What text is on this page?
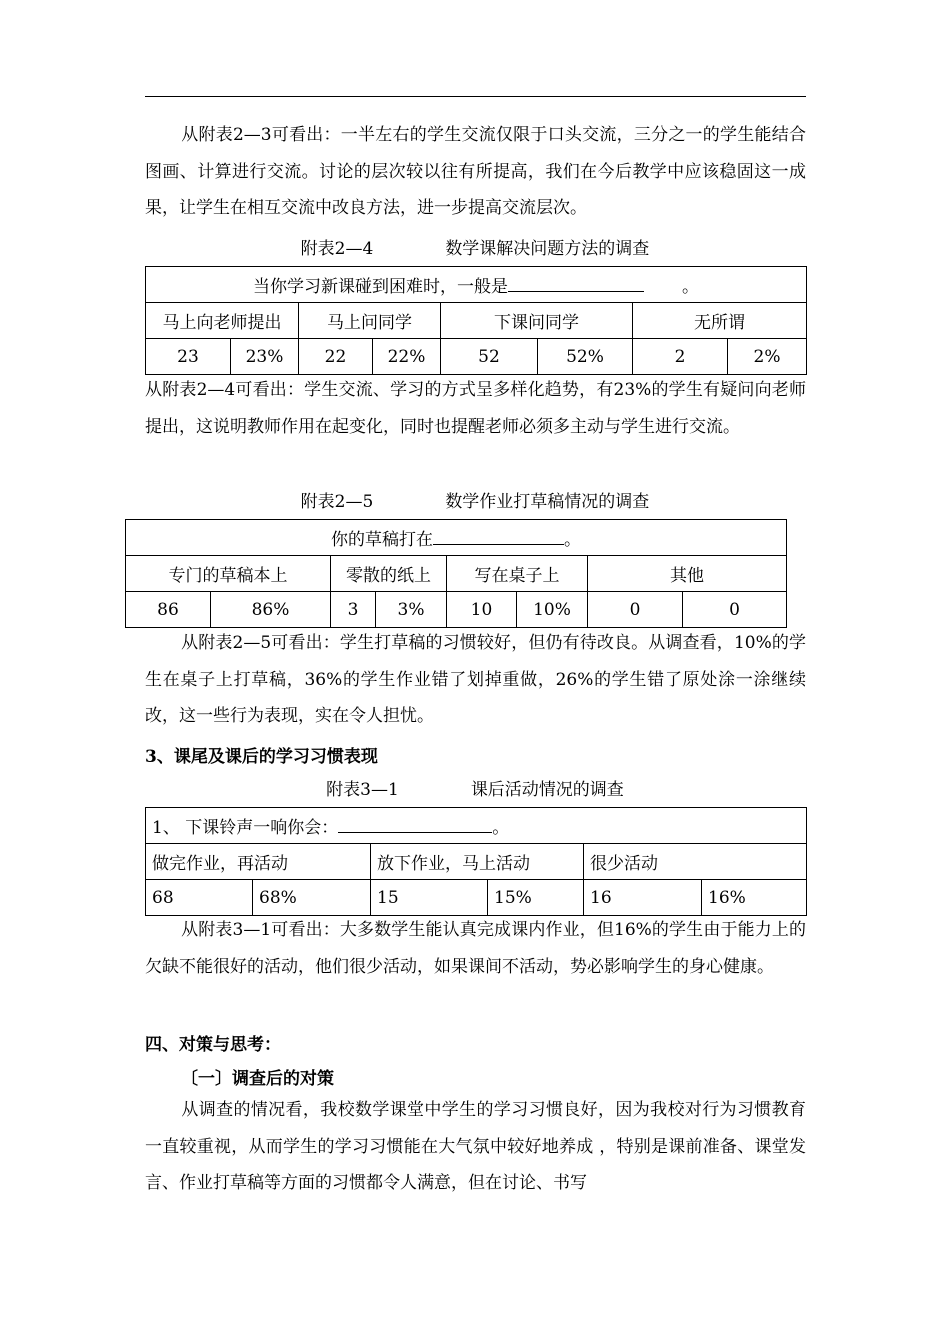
从附表2—3可看出：一半左右的学生交流仅限于口头交流，三分之一的学生能结合图画、计算进行交流。讨论的层次较以往有所提高，我们在今后教学中应该稳固这一成果，让学生在相互交流中改良方法，进一步提高交流层次。

附表2—4	数学课解决问题方法的调查
当你学习新课碰到困难时，一般是 。							
马上向老师提出		马上问同学		下课问同学		无所谓	
23	23%	22	22%	52	52%	2	2%

从附表2—4可看出：学生交流、学习的方式呈多样化趋势，有23%的学生有疑问向老师提出，这说明教师作用在起变化，同时也提醒老师必须多主动与学生进行交流。

附表2—5	数学作业打草稿情况的调查
你的草稿打在 。							
专门的草稿本上		零散的纸上		写在桌子上		其他	
86	86%	3	3%	10	10%	0	0

从附表2—5可看出：学生打草稿的习惯较好，但仍有待改良。从调查看，10%的学生在桌子上打草稿，36%的学生作业错了划掉重做，26%的学生错了原处涂一涂继续改，这一些行为表现，实在令人担忧。

3、课尾及课后的学习习惯表现
附表3—1	课后活动情况的调查
1、 下课铃声一响你会： 。					
做完作业，再活动		放下作业，马上活动		很少活动	
68	68%	15	15%	16	16%

从附表3—1可看出：大多数学生能认真完成课内作业，但16%的学生由于能力上的欠缺不能很好的活动，他们很少活动，如果课间不活动，势必影响学生的身心健康。

四、对策与思考：
〔一〕调查后的对策

从调查的情况看，我校数学课堂中学生的学习习惯良好，因为我校对行为习惯教育一直较重视，从而学生的学习习惯能在大气氛中较好地养成 ，特别是课前准备、课堂发言、作业打草稿等方面的习惯都令人满意，但在讨论、书写
